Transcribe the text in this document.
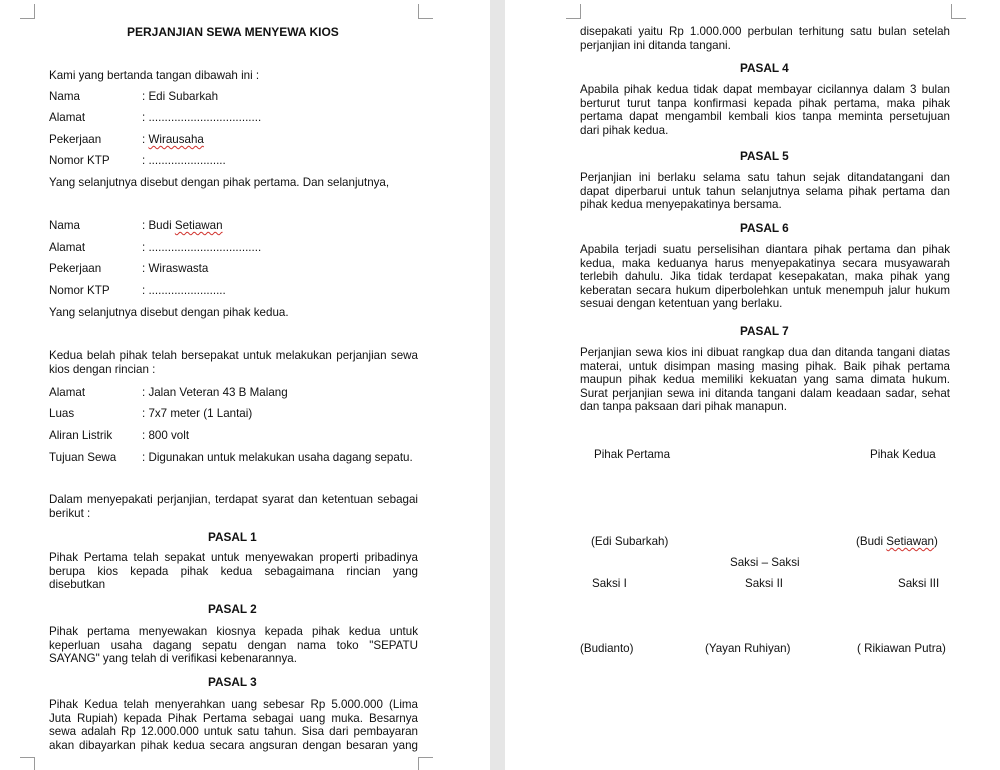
PERJANJIAN SEWA MENYEWA KIOS
Kami yang bertanda tangan dibawah ini :
Nama	: Edi Subarkah
Alamat	: ...................................
Pekerjaan	: Wirausaha
Nomor KTP	: ........................
Yang selanjutnya disebut dengan pihak pertama. Dan selanjutnya,
Nama	: Budi Setiawan
Alamat	: ...................................
Pekerjaan	: Wiraswasta
Nomor KTP	: ........................
Yang selanjutnya disebut dengan pihak kedua.
Kedua belah pihak telah bersepakat untuk melakukan perjanjian sewa
kios dengan rincian :
Alamat	: Jalan Veteran 43 B Malang
Luas	: 7x7 meter (1 Lantai)
Aliran Listrik	: 800 volt
Tujuan Sewa : Digunakan untuk melakukan usaha dagang sepatu.
Dalam menyepakati perjanjian, terdapat syarat dan ketentuan sebagai
berikut :
PASAL 1
Pihak Pertama telah sepakat untuk menyewakan properti pribadinya
berupa kios kepada pihak kedua sebagaimana rincian yang
disebutkan
PASAL 2
Pihak pertama menyewakan kiosnya kepada pihak kedua untuk
keperluan usaha dagang sepatu dengan nama toko "SEPATU
SAYANG" yang telah di verifikasi kebenarannya.
PASAL 3
Pihak Kedua telah menyerahkan uang sebesar Rp 5.000.000 (Lima
Juta Rupiah) kepada Pihak Pertama sebagai uang muka. Besarnya
sewa adalah Rp 12.000.000 untuk satu tahun. Sisa dari pembayaran
akan dibayarkan pihak kedua secara angsuran dengan besaran yang
disepakati yaitu Rp 1.000.000 perbulan terhitung satu bulan setelah
perjanjian ini ditanda tangani.
PASAL 4
Apabila pihak kedua tidak dapat membayar cicilannya dalam 3 bulan
berturut turut tanpa konfirmasi kepada pihak pertama, maka pihak
pertama dapat mengambil kembali kios tanpa meminta persetujuan
dari pihak kedua.
PASAL 5
Perjanjian ini berlaku selama satu tahun sejak ditandatangani dan
dapat diperbarui untuk tahun selanjutnya selama pihak pertama dan
pihak kedua menyepakatinya bersama.
PASAL 6
Apabila terjadi suatu perselisihan diantara pihak pertama dan pihak
kedua, maka keduanya harus menyepakatinya secara musyawarah
terlebih dahulu. Jika tidak terdapat kesepakatan, maka pihak yang
keberatan secara hukum diperbolehkan untuk menempuh jalur hukum
sesuai dengan ketentuan yang berlaku.
PASAL 7
Perjanjian sewa kios ini dibuat rangkap dua dan ditanda tangani diatas
materai, untuk disimpan masing masing pihak. Baik pihak pertama
maupun pihak kedua memiliki kekuatan yang sama dimata hukum.
Surat perjanjian sewa ini ditanda tangani dalam keadaan sadar, sehat
dan tanpa paksaan dari pihak manapun.
Pihak Pertama	Pihak Kedua
(Edi Subarkah)	(Budi Setiawan)
Saksi – Saksi
Saksi I	Saksi II	Saksi III
(Budianto)	(Yayan Ruhiyan)	( Rikiawan Putra)
